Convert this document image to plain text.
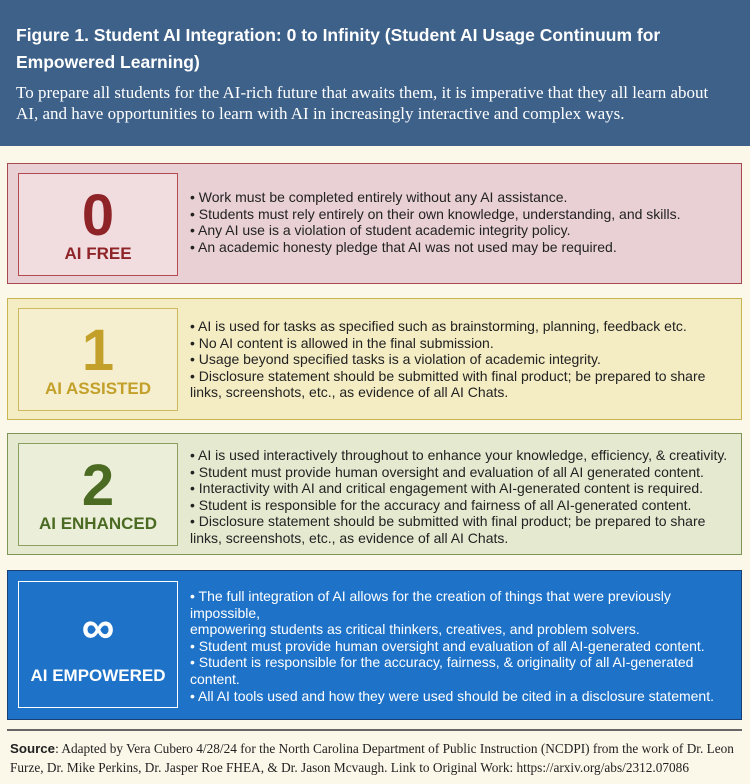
Figure 1. Student AI Integration: 0 to Infinity (Student AI Usage Continuum for Empowered Learning)
To prepare all students for the AI-rich future that awaits them, it is imperative that they all learn about AI, and have opportunities to learn with AI in increasingly interactive and complex ways.
0
AI FREE
• Work must be completed entirely without any AI assistance.
• Students must rely entirely on their own knowledge, understanding, and skills.
• Any AI use is a violation of student academic integrity policy.
• An academic honesty pledge that AI was not used may be required.
1
AI ASSISTED
• AI is used for tasks as specified such as brainstorming, planning, feedback etc.
• No AI content is allowed in the final submission.
• Usage beyond specified tasks is a violation of academic integrity.
• Disclosure statement should be submitted with final product; be prepared to share links, screenshots, etc., as evidence of all AI Chats.
2
AI ENHANCED
• AI is used interactively throughout to enhance your knowledge, efficiency, & creativity.
• Student must provide human oversight and evaluation of all AI generated content.
• Interactivity with AI and critical engagement with AI-generated content is required.
• Student is responsible for the accuracy and fairness of all AI-generated content.
• Disclosure statement should be submitted with final product; be prepared to share links, screenshots, etc., as evidence of all AI Chats.
∞
AI EMPOWERED
• The full integration of AI allows for the creation of things that were previously impossible,
empowering students as critical thinkers, creatives, and problem solvers.
• Student must provide human oversight and evaluation of all AI-generated content.
• Student is responsible for the accuracy, fairness, & originality of all AI-generated content.
• All AI tools used and how they were used should be cited in a disclosure statement.
Source: Adapted by Vera Cubero 4/28/24 for the North Carolina Department of Public Instruction (NCDPI) from the work of Dr. Leon Furze, Dr. Mike Perkins, Dr. Jasper Roe FHEA, & Dr. Jason Mcvaugh. Link to Original Work: https://arxiv.org/abs/2312.07086
